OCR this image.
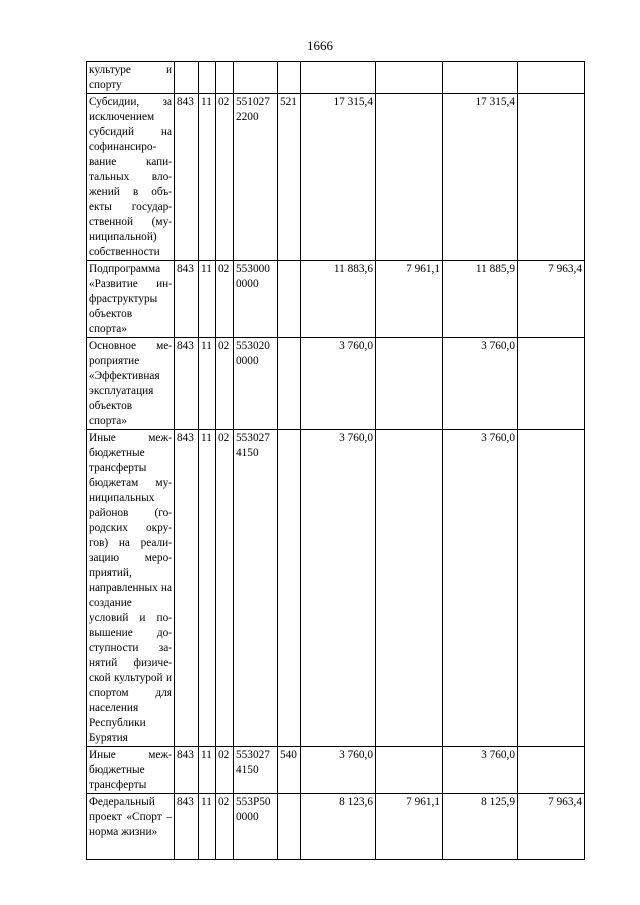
1666
культуре и спорту									
Субсидии, за исключением субсидий на софинансиро-вание капи-тальных вло-жений в объ-екты государ-ственной (му-ниципальной) собственности	843	11	02	551027 2200	521	17 315,4		17 315,4	
Подпрограмма «Развитие ин-фраструктуры объектов спорта»	843	11	02	553000 0000		11 883,6	7 961,1	11 885,9	7 963,4
Основное ме-роприятие «Эффективная эксплуатация объектов спорта»	843	11	02	553020 0000		3 760,0		3 760,0	
Иные меж-бюджетные трансферты бюджетам му-ниципальных районов (го-родских окру-гов) на реали-зацию меро-приятий, направленных на создание условий и по-вышение до-ступности за-нятий физиче-ской культурой и спортом для населения Республики Бурятия	843	11	02	553027 4150		3 760,0		3 760,0	
Иные меж-бюджетные трансферты	843	11	02	553027 4150	540	3 760,0		3 760,0	
Федеральный проект «Спорт – норма жизни»	843	11	02	553P50 0000		8 123,6	7 961,1	8 125,9	7 963,4
